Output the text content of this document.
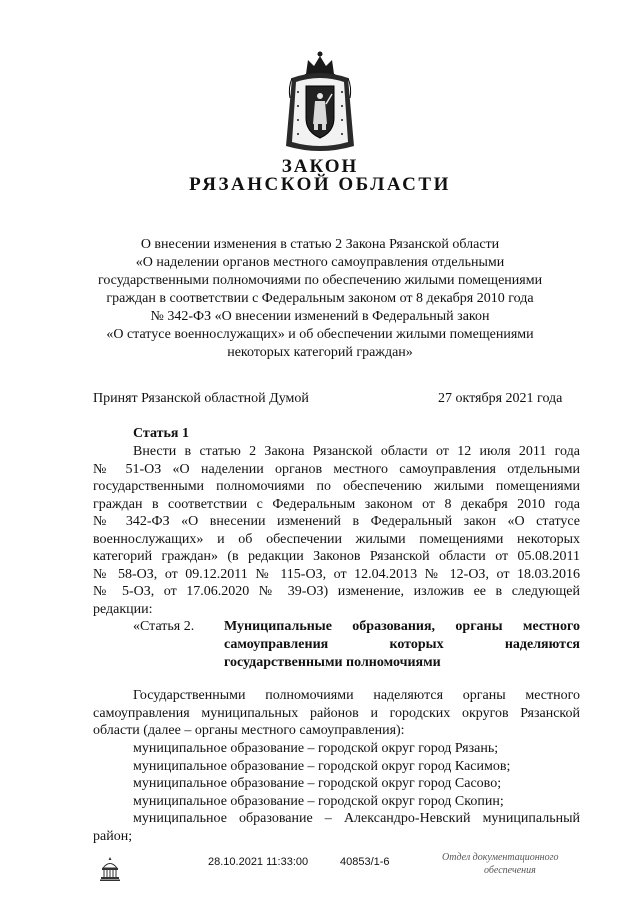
ЗАКОН
РЯЗАНСКОЙ ОБЛАСТИ
О внесении изменения в статью 2 Закона Рязанской области
«О наделении органов местного самоуправления отдельными
государственными полномочиями по обеспечению жилыми помещениями
граждан в соответствии с Федеральным законом от 8 декабря 2010 года
№ 342-ФЗ «О внесении изменений в Федеральный закон
«О статусе военнослужащих» и об обеспечении жилыми помещениями
некоторых категорий граждан»
Принят Рязанской областной Думой	27 октября 2021 года
Статья 1
Внести в статью 2 Закона Рязанской области от 12 июля 2011 года
№ 51-ОЗ «О наделении органов местного самоуправления отдельными
государственными полномочиями по обеспечению жилыми помещениями
граждан в соответствии с Федеральным законом от 8 декабря 2010 года
№ 342-ФЗ «О внесении изменений в Федеральный закон «О статусе
военнослужащих» и об обеспечении жилыми помещениями некоторых
категорий граждан» (в редакции Законов Рязанской области от 05.08.2011
№ 58-ОЗ, от 09.12.2011 № 115-ОЗ, от 12.04.2013 № 12-ОЗ, от 18.03.2016
№ 5-ОЗ, от 17.06.2020 № 39-ОЗ) изменение, изложив ее в следующей
редакции:
«Статья 2. Муниципальные образования, органы местного
самоуправления которых наделяются
государственными полномочиями
Государственными полномочиями наделяются органы местного
самоуправления муниципальных районов и городских округов Рязанской
области (далее – органы местного самоуправления):
муниципальное образование – городской округ город Рязань;
муниципальное образование – городской округ город Касимов;
муниципальное образование – городской округ город Сасово;
муниципальное образование – городской округ город Скопин;
муниципальное образование – Александро-Невский муниципальный
район;
28.10.2021 11:33:00	40853/1-6	Отдел документационного
обеспечения
